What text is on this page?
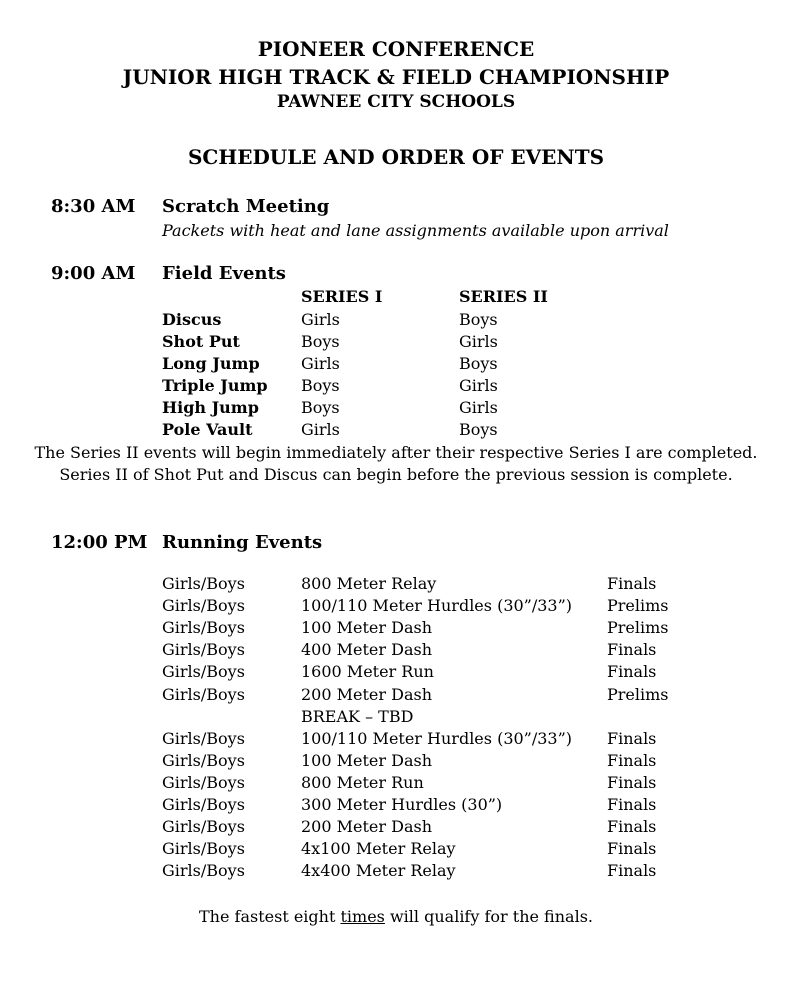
PIONEER CONFERENCE
JUNIOR HIGH TRACK & FIELD CHAMPIONSHIP
PAWNEE CITY SCHOOLS
SCHEDULE AND ORDER OF EVENTS
8:30 AM Scratch Meeting
Packets with heat and lane assignments available upon arrival
9:00 AM Field Events
SERIES I	SERIES II
Discus	Girls	Boys
Shot Put	Boys	Girls
Long Jump	Girls	Boys
Triple Jump Boys	Girls
High Jump	Boys	Girls
Pole Vault	Girls	Boys
The Series II events will begin immediately after their respective Series I are completed.
Series II of Shot Put and Discus can begin before the previous session is complete.
12:00 PM Running Events
Girls/Boys	800 Meter Relay	Finals
Girls/Boys	100/110 Meter Hurdles (30”/33”) Prelims
Girls/Boys	100 Meter Dash	Prelims
Girls/Boys	400 Meter Dash	Finals
Girls/Boys	1600 Meter Run	Finals
Girls/Boys	200 Meter Dash	Prelims
BREAK – TBD
Girls/Boys	100/110 Meter Hurdles (30”/33”) Finals
Girls/Boys	100 Meter Dash	Finals
Girls/Boys	800 Meter Run	Finals
Girls/Boys	300 Meter Hurdles (30”)	Finals
Girls/Boys	200 Meter Dash	Finals
Girls/Boys	4x100 Meter Relay	Finals
Girls/Boys	4x400 Meter Relay	Finals
The fastest eight times will qualify for the finals.
